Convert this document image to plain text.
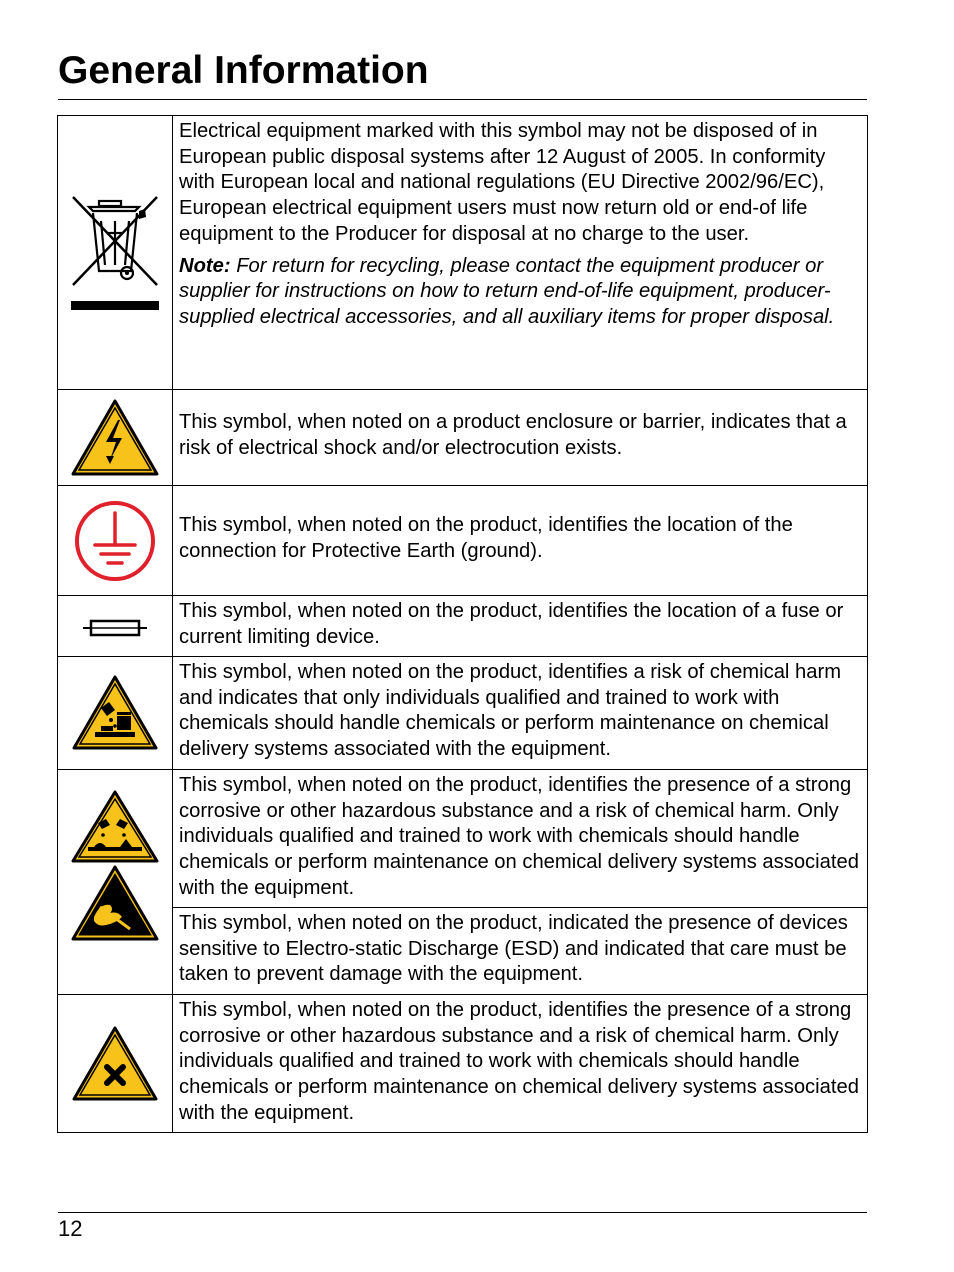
General Information

Electrical equipment marked with this symbol may not be disposed of in European public disposal systems after 12 August of 2005. In conformity with European local and national regulations (EU Directive 2002/96/EC), European electrical equipment users must now return old or end-of life equipment to the Producer for disposal at no charge to the user.

Note: For return for recycling, please contact the equipment producer or supplier for instructions on how to return end-of-life equipment, producer-supplied electrical accessories, and all auxiliary items for proper disposal.

This symbol, when noted on a product enclosure or barrier, indicates that a risk of electrical shock and/or electrocution exists.

This symbol, when noted on the product, identifies the location of the connection for Protective Earth (ground).

This symbol, when noted on the product, identifies the location of a fuse or current limiting device.

This symbol, when noted on the product, identifies a risk of chemical harm and indicates that only individuals qualified and trained to work with chemicals should handle chemicals or perform maintenance on chemical delivery systems associated with the equipment.

This symbol, when noted on the product, identifies the presence of a strong corrosive or other hazardous substance and a risk of chemical harm. Only individuals qualified and trained to work with chemicals should handle chemicals or perform maintenance on chemical delivery systems associated with the equipment.

	This symbol, when noted on the product, indicated the presence of devices sensitive to Electro-static Discharge (ESD) and indicated that care must be taken to prevent damage with the equipment.

This symbol, when noted on the product, identifies the presence of a strong corrosive or other hazardous substance and a risk of chemical harm. Only individuals qualified and trained to work with chemicals should handle chemicals or perform maintenance on chemical delivery systems associated with the equipment.

12
